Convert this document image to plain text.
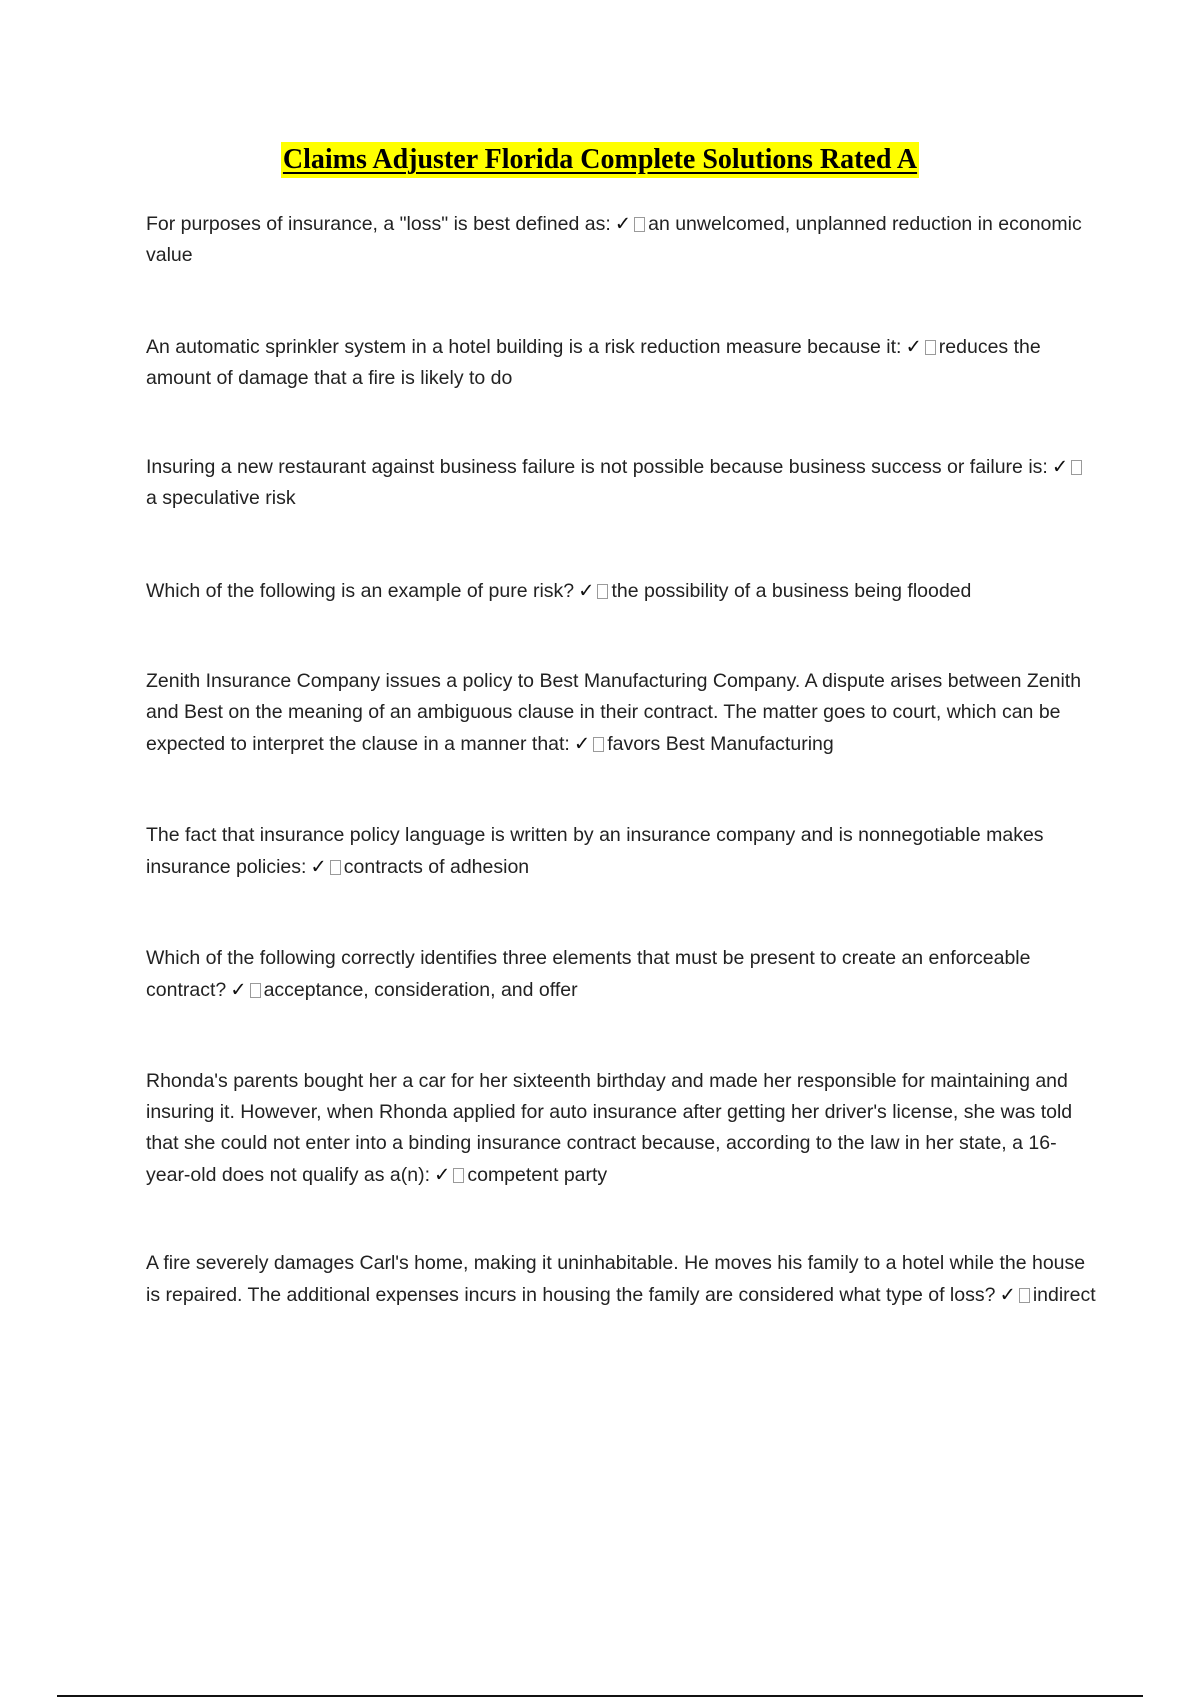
Claims Adjuster Florida Complete Solutions Rated A

For purposes of insurance, a "loss" is best defined as: ✓ an unwelcomed, unplanned reduction in economic value

An automatic sprinkler system in a hotel building is a risk reduction measure because it: ✓ reduces the amount of damage that a fire is likely to do

Insuring a new restaurant against business failure is not possible because business success or failure is: ✓a speculative risk

Which of the following is an example of pure risk? ✓ the possibility of a business being flooded

Zenith Insurance Company issues a policy to Best Manufacturing Company. A dispute arises between Zenith and Best on the meaning of an ambiguous clause in their contract. The matter goes to court, which can be expected to interpret the clause in a manner that: ✓ favors Best Manufacturing

The fact that insurance policy language is written by an insurance company and is nonnegotiable makes insurance policies: ✓ contracts of adhesion

Which of the following correctly identifies three elements that must be present to create an enforceable contract? ✓ acceptance, consideration, and offer

Rhonda's parents bought her a car for her sixteenth birthday and made her responsible for maintaining and insuring it. However, when Rhonda applied for auto insurance after getting her driver's license, she was told that she could not enter into a binding insurance contract because, according to the law in her state, a 16-year-old does not qualify as a(n): ✓ competent party

A fire severely damages Carl's home, making it uninhabitable. He moves his family to a hotel while the house is repaired. The additional expenses incurs in housing the family are considered what type of loss? ✓ indirect
